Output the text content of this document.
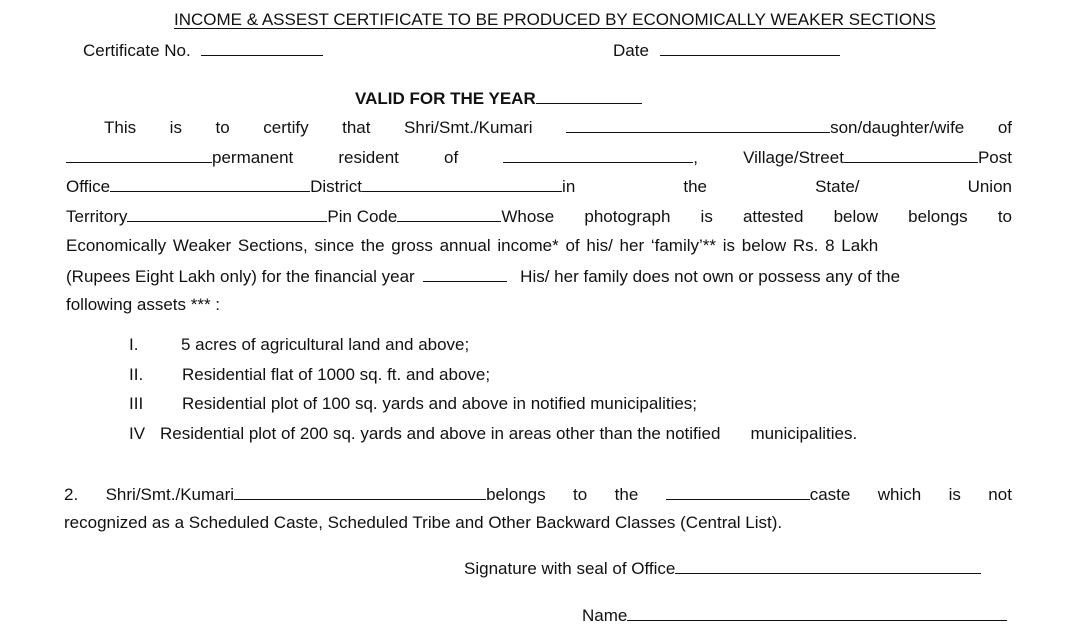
INCOME & ASSEST CERTIFICATE TO BE PRODUCED BY ECONOMICALLY WEAKER SECTIONS
Certificate No.	Date
VALID FOR THE YEAR
This is to certify that Shri/Smt./Kumari	son/daughter/wife of
permanent	resident	of	,	Village/Street	Post
Office	District	in	the	State/	Union
Territory	Pin Code	Whose photograph is attested below belongs to
Economically Weaker Sections, since the gross annual income* of his/ her ‘family’** is below Rs. 8 Lakh
(Rupees Eight Lakh only) for the financial year	His/ her family does not own or possess any of the
following assets *** :
I.	5 acres of agricultural land and above;
II. Residential flat of 1000 sq. ft. and above;
III Residential plot of 100 sq. yards and above in notified municipalities;
IV Residential plot of 200 sq. yards and above in areas other than the notified municipalities.
2. Shri/Smt./Kumari	belongs to the	caste which is not
recognized as a Scheduled Caste, Scheduled Tribe and Other Backward Classes (Central List).
Signature with seal of Office
Name
